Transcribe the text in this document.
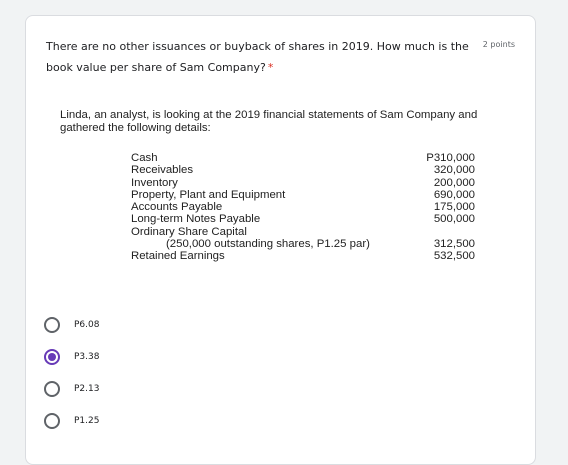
There are no other issuances or buyback of shares in 2019. How much is the book value per share of Sam Company? *
2 points

Linda, an analyst, is looking at the 2019 financial statements of Sam Company and gathered the following details:

Cash	P310,000
Receivables	320,000
Inventory	200,000
Property, Plant and Equipment	690,000
Accounts Payable	175,000
Long-term Notes Payable	500,000
Ordinary Share Capital
(250,000 outstanding shares, P1.25 par)	312,500
Retained Earnings	532,500
P6.08
P3.38
P2.13
P1.25
